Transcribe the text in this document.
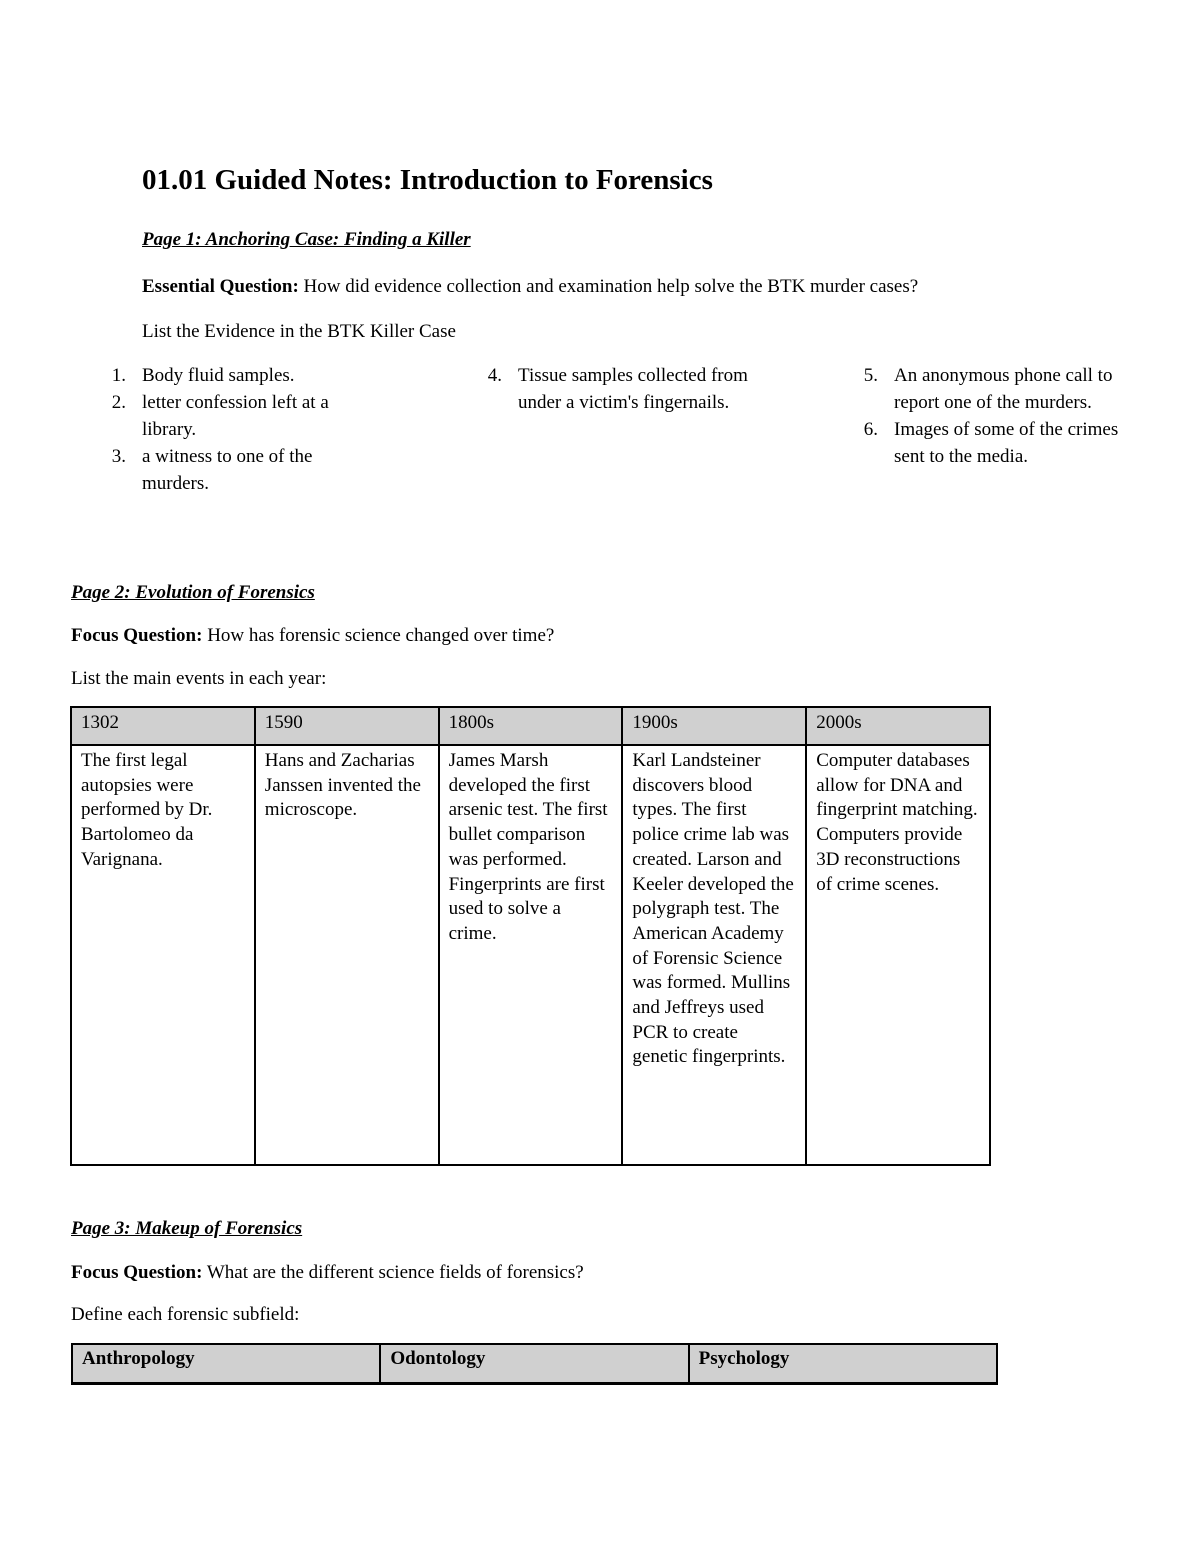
01.01 Guided Notes: Introduction to Forensics
Page 1: Anchoring Case: Finding a Killer
Essential Question: How did evidence collection and examination help solve the BTK murder cases?
List the Evidence in the BTK Killer Case
1. Body fluid samples.
2. letter confession left at a library.
3. a witness to one of the murders.
4. Tissue samples collected from under a victim's fingernails.
5. An anonymous phone call to report one of the murders.
6. Images of some of the crimes sent to the media.
Page 2: Evolution of Forensics
Focus Question: How has forensic science changed over time?
List the main events in each year:
1302	1590	1800s	1900s	2000s
The first legal autopsies were performed by Dr. Bartolomeo da Varignana.	Hans and Zacharias Janssen invented the microscope.	James Marsh developed the first arsenic test. The first bullet comparison was performed. Fingerprints are first used to solve a crime.	Karl Landsteiner discovers blood types. The first police crime lab was created. Larson and Keeler developed the polygraph test. The American Academy of Forensic Science was formed. Mullins and Jeffreys used PCR to create genetic fingerprints.	Computer databases allow for DNA and fingerprint matching. Computers provide 3D reconstructions of crime scenes.
Page 3: Makeup of Forensics
Focus Question: What are the different science fields of forensics?
Define each forensic subfield:
Anthropology	Odontology	Psychology
